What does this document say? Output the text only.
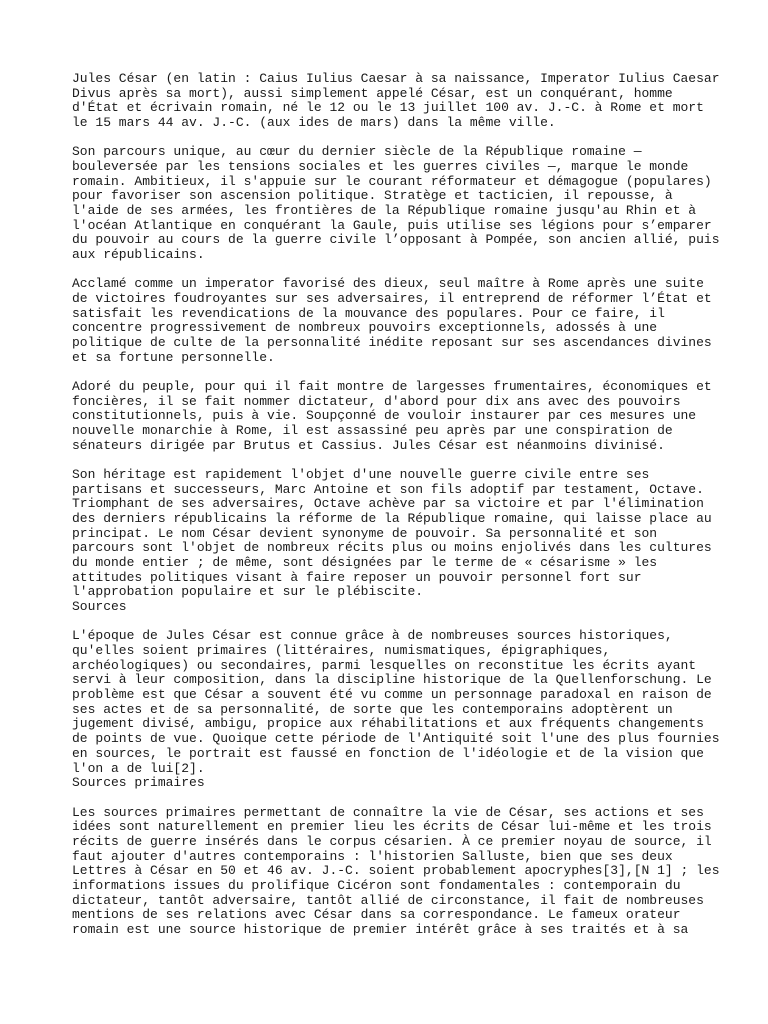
Jules César (en latin : Caius Iulius Caesar à sa naissance, Imperator Iulius Caesar
Divus après sa mort), aussi simplement appelé César, est un conquérant, homme
d'État et écrivain romain, né le 12 ou le 13 juillet 100 av. J.-C. à Rome et mort
le 15 mars 44 av. J.-C. (aux ides de mars) dans la même ville.

Son parcours unique, au cœur du dernier siècle de la République romaine —
bouleversée par les tensions sociales et les guerres civiles —, marque le monde
romain. Ambitieux, il s'appuie sur le courant réformateur et démagogue (populares)
pour favoriser son ascension politique. Stratège et tacticien, il repousse, à
l'aide de ses armées, les frontières de la République romaine jusqu'au Rhin et à
l'océan Atlantique en conquérant la Gaule, puis utilise ses légions pour s’emparer
du pouvoir au cours de la guerre civile l’opposant à Pompée, son ancien allié, puis
aux républicains.

Acclamé comme un imperator favorisé des dieux, seul maître à Rome après une suite
de victoires foudroyantes sur ses adversaires, il entreprend de réformer l’État et
satisfait les revendications de la mouvance des populares. Pour ce faire, il
concentre progressivement de nombreux pouvoirs exceptionnels, adossés à une
politique de culte de la personnalité inédite reposant sur ses ascendances divines
et sa fortune personnelle.

Adoré du peuple, pour qui il fait montre de largesses frumentaires, économiques et
foncières, il se fait nommer dictateur, d'abord pour dix ans avec des pouvoirs
constitutionnels, puis à vie. Soupçonné de vouloir instaurer par ces mesures une
nouvelle monarchie à Rome, il est assassiné peu après par une conspiration de
sénateurs dirigée par Brutus et Cassius. Jules César est néanmoins divinisé.

Son héritage est rapidement l'objet d'une nouvelle guerre civile entre ses
partisans et successeurs, Marc Antoine et son fils adoptif par testament, Octave.
Triomphant de ses adversaires, Octave achève par sa victoire et par l'élimination
des derniers républicains la réforme de la République romaine, qui laisse place au
principat. Le nom César devient synonyme de pouvoir. Sa personnalité et son
parcours sont l'objet de nombreux récits plus ou moins enjolivés dans les cultures
du monde entier ; de même, sont désignées par le terme de « césarisme » les
attitudes politiques visant à faire reposer un pouvoir personnel fort sur
l'approbation populaire et sur le plébiscite.

Sources

L'époque de Jules César est connue grâce à de nombreuses sources historiques,
qu'elles soient primaires (littéraires, numismatiques, épigraphiques,
archéologiques) ou secondaires, parmi lesquelles on reconstitue les écrits ayant
servi à leur composition, dans la discipline historique de la Quellenforschung. Le
problème est que César a souvent été vu comme un personnage paradoxal en raison de
ses actes et de sa personnalité, de sorte que les contemporains adoptèrent un
jugement divisé, ambigu, propice aux réhabilitations et aux fréquents changements
de points de vue. Quoique cette période de l'Antiquité soit l'une des plus fournies
en sources, le portrait est faussé en fonction de l'idéologie et de la vision que
l'on a de lui[2].

Sources primaires

Les sources primaires permettant de connaître la vie de César, ses actions et ses
idées sont naturellement en premier lieu les écrits de César lui-même et les trois
récits de guerre insérés dans le corpus césarien. À ce premier noyau de source, il
faut ajouter d'autres contemporains : l'historien Salluste, bien que ses deux
Lettres à César en 50 et 46 av. J.-C. soient probablement apocryphes[3],[N 1] ; les
informations issues du prolifique Cicéron sont fondamentales : contemporain du
dictateur, tantôt adversaire, tantôt allié de circonstance, il fait de nombreuses
mentions de ses relations avec César dans sa correspondance. Le fameux orateur
romain est une source historique de premier intérêt grâce à ses traités et à sa
